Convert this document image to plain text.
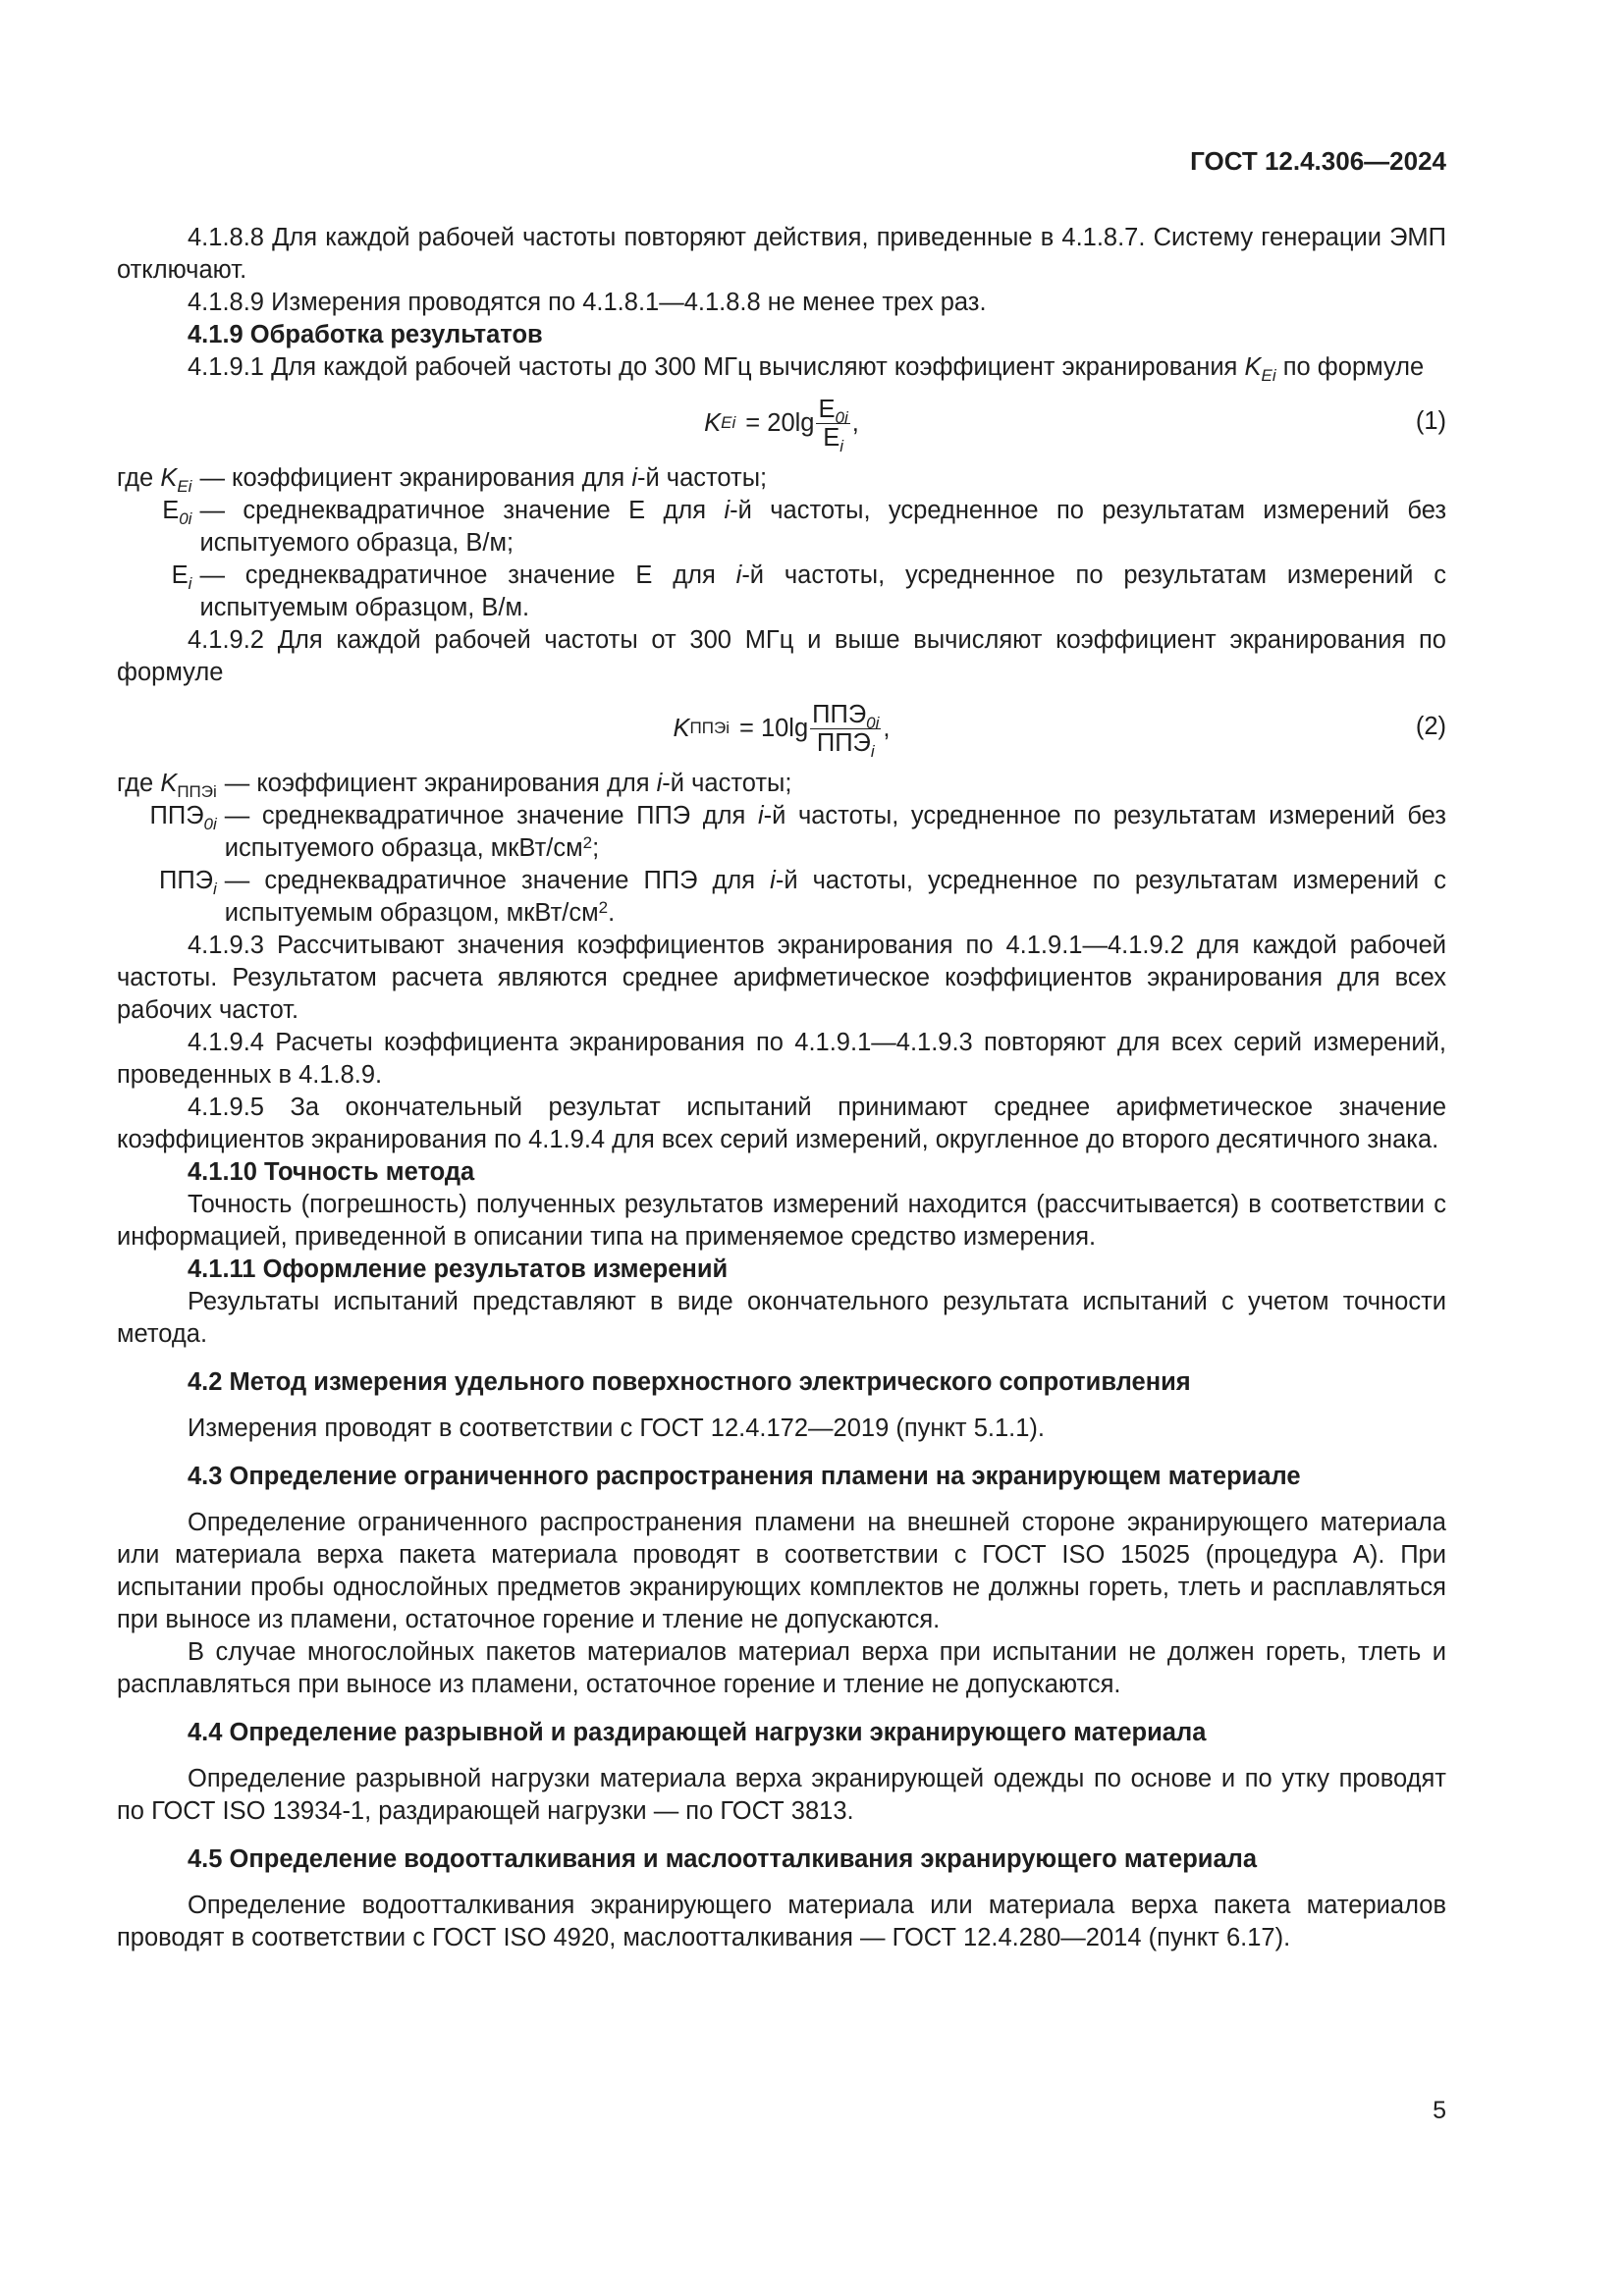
ГОСТ 12.4.306—2024

4.1.8.8 Для каждой рабочей частоты повторяют действия, приведенные в 4.1.8.7. Систему генерации ЭМП отключают.

4.1.8.9 Измерения проводятся по 4.1.8.1—4.1.8.8 не менее трех раз.

4.1.9 Обработка результатов

4.1.9.1 Для каждой рабочей частоты до 300 МГц вычисляют коэффициент экранирования $K_{Ei}$ по формуле

K $Ei = 20\lg \frac{E_{0i}}{E_i}$ ,	(1)
где $K_{Ei}$	— коэффициент экранирования для i-й частоты;
$E_{0i}$	— среднеквадратичное значение Е для i-й частоты, усредненное по результатам измерений без испытуемого образца, В/м;
$E_i$	— среднеквадратичное значение Е для i-й частоты, усредненное по результатам измерений с испытуемым образцом, В/м.

4.1.9.2 Для каждой рабочей частоты от 300 МГц и выше вычисляют коэффициент экранирования по формуле

K ППЭi = $10\lg \frac{ППЭ_{0i}}{ППЭ_i}$ ,	(2)
где $K_{ППЭi}$	— коэффициент экранирования для i-й частоты;
$ППЭ_{0i}$	— среднеквадратичное значение ППЭ для i-й частоты, усредненное по результатам измерений без испытуемого образца, мкВт/$см^2$;
$ППЭ_i$	— среднеквадратичное значение ППЭ для i-й частоты, усредненное по результатам измерений с испытуемым образцом, мкВт/$см^2$.

4.1.9.3 Рассчитывают значения коэффициентов экранирования по 4.1.9.1—4.1.9.2 для каждой рабочей частоты. Результатом расчета являются среднее арифметическое коэффициентов экранирования для всех рабочих частот.

4.1.9.4 Расчеты коэффициента экранирования по 4.1.9.1—4.1.9.3 повторяют для всех серий измерений, проведенных в 4.1.8.9.

4.1.9.5 За окончательный результат испытаний принимают среднее арифметическое значение коэффициентов экранирования по 4.1.9.4 для всех серий измерений, округленное до второго десятичного знака.

4.1.10 Точность метода

Точность (погрешность) полученных результатов измерений находится (рассчитывается) в соответствии с информацией, приведенной в описании типа на применяемое средство измерения.

4.1.11 Оформление результатов измерений

Результаты испытаний представляют в виде окончательного результата испытаний с учетом точности метода.

4.2 Метод измерения удельного поверхностного электрического сопротивления

Измерения проводят в соответствии с ГОСТ 12.4.172—2019 (пункт 5.1.1).

4.3 Определение ограниченного распространения пламени на экранирующем материале

Определение ограниченного распространения пламени на внешней стороне экранирующего материала или материала верха пакета материала проводят в соответствии с ГОСТ ISO 15025 (процедура А). При испытании пробы однослойных предметов экранирующих комплектов не должны гореть, тлеть и расплавляться при выносе из пламени, остаточное горение и тление не допускаются.

В случае многослойных пакетов материалов материал верха при испытании не должен гореть, тлеть и расплавляться при выносе из пламени, остаточное горение и тление не допускаются.

4.4 Определение разрывной и раздирающей нагрузки экранирующего материала

Определение разрывной нагрузки материала верха экранирующей одежды по основе и по утку проводят по ГОСТ ISO 13934-1, раздирающей нагрузки — по ГОСТ 3813.

4.5 Определение водоотталкивания и маслоотталкивания экранирующего материала

Определение водоотталкивания экранирующего материала или материала верха пакета материалов проводят в соответствии с ГОСТ ISO 4920, маслоотталкивания — ГОСТ 12.4.280—2014 (пункт 6.17).

5
